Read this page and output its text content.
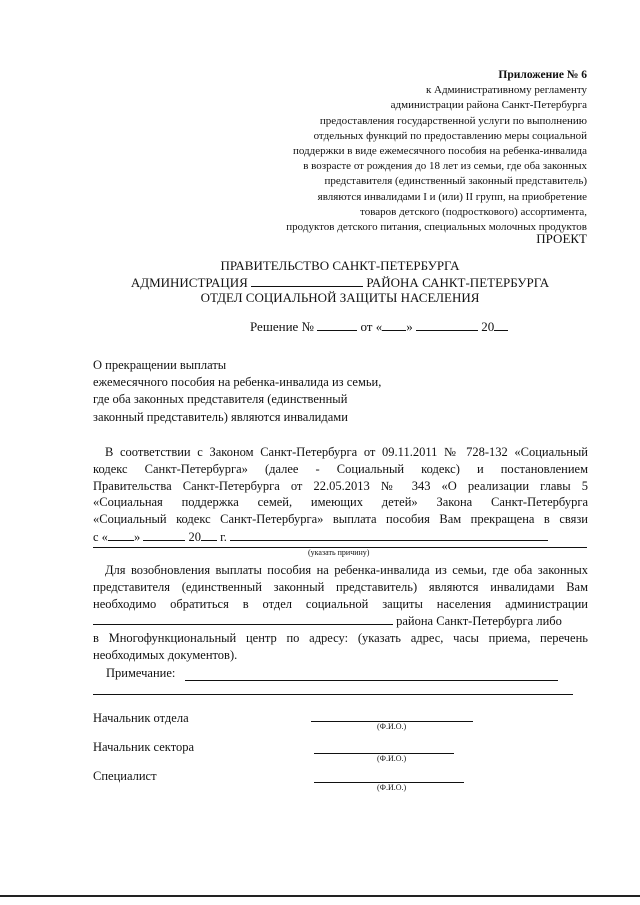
Приложение № 6
к Административному регламенту
администрации района Санкт-Петербурга
предоставления государственной услуги по выполнению
отдельных функций по предоставлению меры социальной
поддержки в виде ежемесячного пособия на ребенка-инвалида
в возрасте от рождения до 18 лет из семьи, где оба законных
представителя (единственный законный представитель)
являются инвалидами I и (или) II групп, на приобретение
товаров детского (подросткового) ассортимента,
продуктов детского питания, специальных молочных продуктов
ПРОЕКТ
ПРАВИТЕЛЬСТВО САНКТ-ПЕТЕРБУРГА
АДМИНИСТРАЦИЯ	РАЙОНА САНКТ-ПЕТЕРБУРГА
ОТДЕЛ СОЦИАЛЬНОЙ ЗАЩИТЫ НАСЕЛЕНИЯ
Решение №	от « »	20
О прекращении выплаты
ежемесячного пособия на ребенка-инвалида из семьи,
где оба законных представителя (единственный
законный представитель) являются инвалидами
В соответствии с Законом Санкт-Петербурга от 09.11.2011 № 728-132 «Социальный
кодекс Санкт-Петербурга» (далее - Социальный кодекс) и постановлением
Правительства Санкт-Петербурга от 22.05.2013 № 343 «О реализации главы 5
«Социальная поддержка семей, имеющих детей» Закона Санкт-Петербурга
«Социальный кодекс Санкт-Петербурга» выплата пособия Вам прекращена в связи
с « »	20 г.
(указать причину)
Для возобновления выплаты пособия на ребенка-инвалида из семьи, где оба законных
представителя (единственный законный представитель) являются инвалидами Вам
необходимо обратиться в отдел социальной защиты населения администрации
района Санкт-Петербурга либо
в Многофункциональный центр по адресу: (указать адрес, часы приема, перечень
необходимых документов).
Примечание:
Начальник отдела
(Ф.И.О.)
Начальник сектора
(Ф.И.О.)
Специалист
(Ф.И.О.)
